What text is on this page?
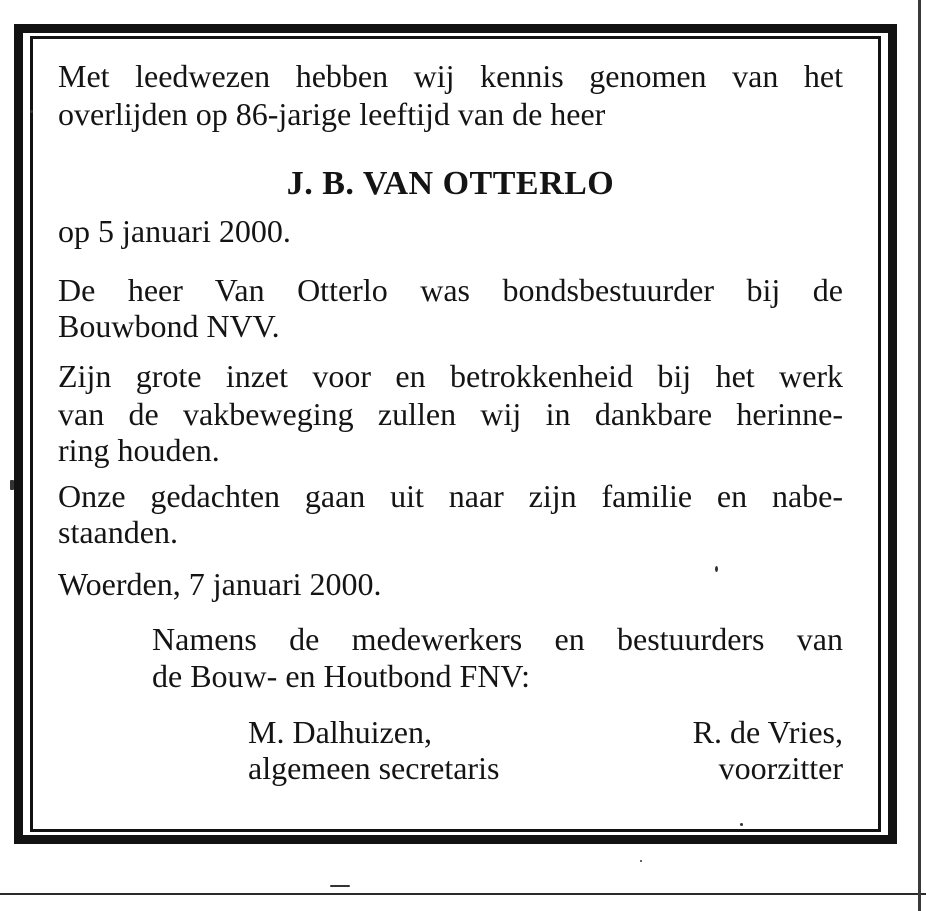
Met leedwezen hebben wij kennis genomen van het
overlijden op 86-jarige leeftijd van de heer
J. B. VAN OTTERLO
op 5 januari 2000.
De heer Van Otterlo was bondsbestuurder bij de
Bouwbond NVV.
Zijn grote inzet voor en betrokkenheid bij het werk
van de vakbeweging zullen wij in dankbare herinne-
ring houden.
Onze gedachten gaan uit naar zijn familie en nabe-
staanden.
Woerden, 7 januari 2000.
Namens de medewerkers en bestuurders van
de Bouw- en Houtbond FNV:
M. Dalhuizen,
algemeen secretaris
R. de Vries,
voorzitter
